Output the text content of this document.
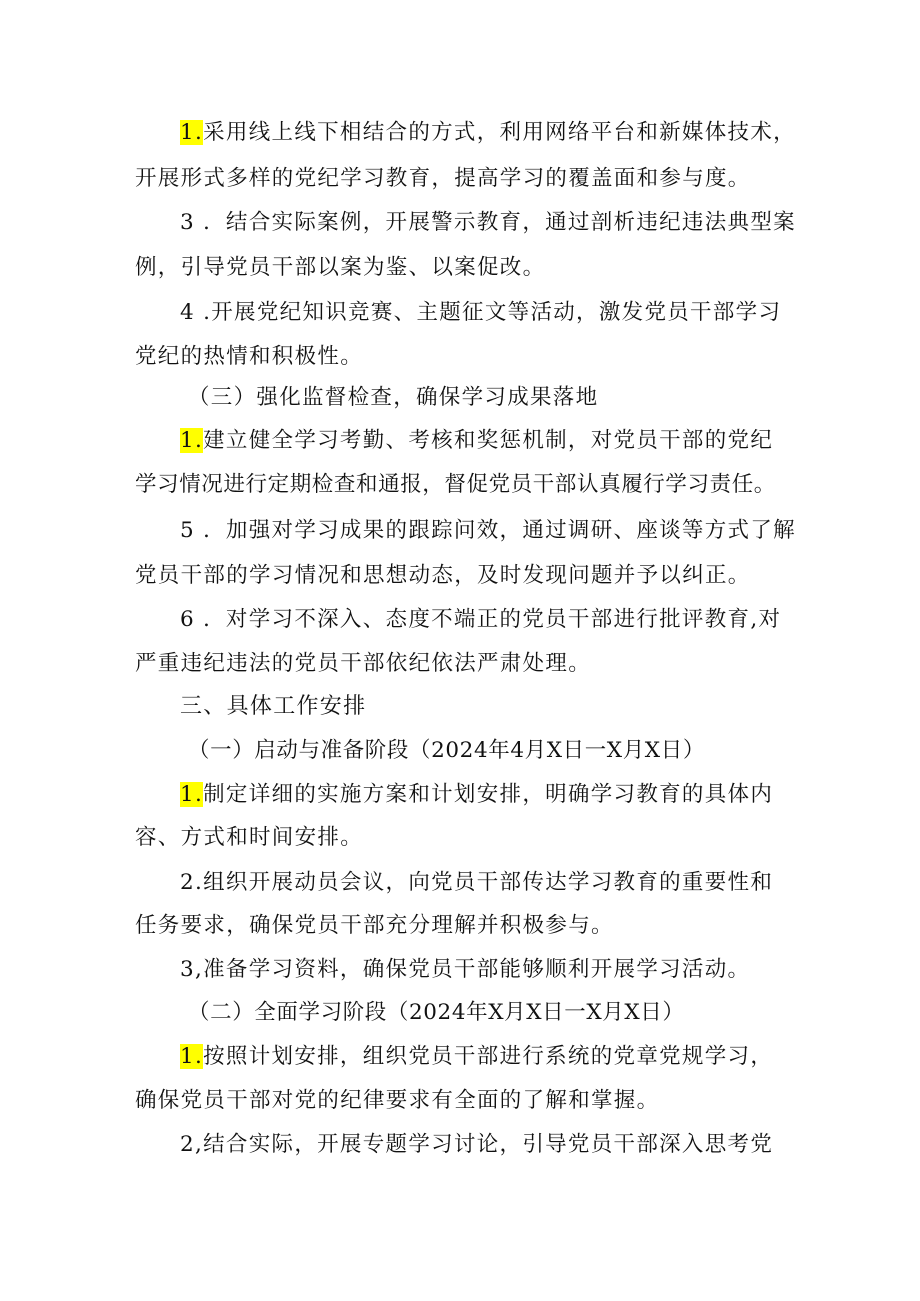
1.采用线上线下相结合的方式，利用网络平台和新媒体技术，

开展形式多样的党纪学习教育，提高学习的覆盖面和参与度。

3 ．结合实际案例，开展警示教育，通过剖析违纪违法典型案

例，引导党员干部以案为鉴、以案促改。

4 .开展党纪知识竞赛、主题征文等活动，激发党员干部学习

党纪的热情和积极性。

（三）强化监督检查，确保学习成果落地

1.建立健全学习考勤、考核和奖惩机制，对党员干部的党纪

学习情况进行定期检查和通报，督促党员干部认真履行学习责任。

5 ．加强对学习成果的跟踪问效，通过调研、座谈等方式了解

党员干部的学习情况和思想动态，及时发现问题并予以纠正。

6 ．对学习不深入、态度不端正的党员干部进行批评教育,对

严重违纪违法的党员干部依纪依法严肃处理。

三、具体工作安排

（一）启动与准备阶段（2024年4月X日一X月X日）

1.制定详细的实施方案和计划安排，明确学习教育的具体内

容、方式和时间安排。

2.组织开展动员会议，向党员干部传达学习教育的重要性和

任务要求，确保党员干部充分理解并积极参与。

3,准备学习资料，确保党员干部能够顺利开展学习活动。

（二）全面学习阶段（2024年X月X日一X月X日）

1.按照计划安排，组织党员干部进行系统的党章党规学习，

确保党员干部对党的纪律要求有全面的了解和掌握。

2,结合实际，开展专题学习讨论，引导党员干部深入思考党
